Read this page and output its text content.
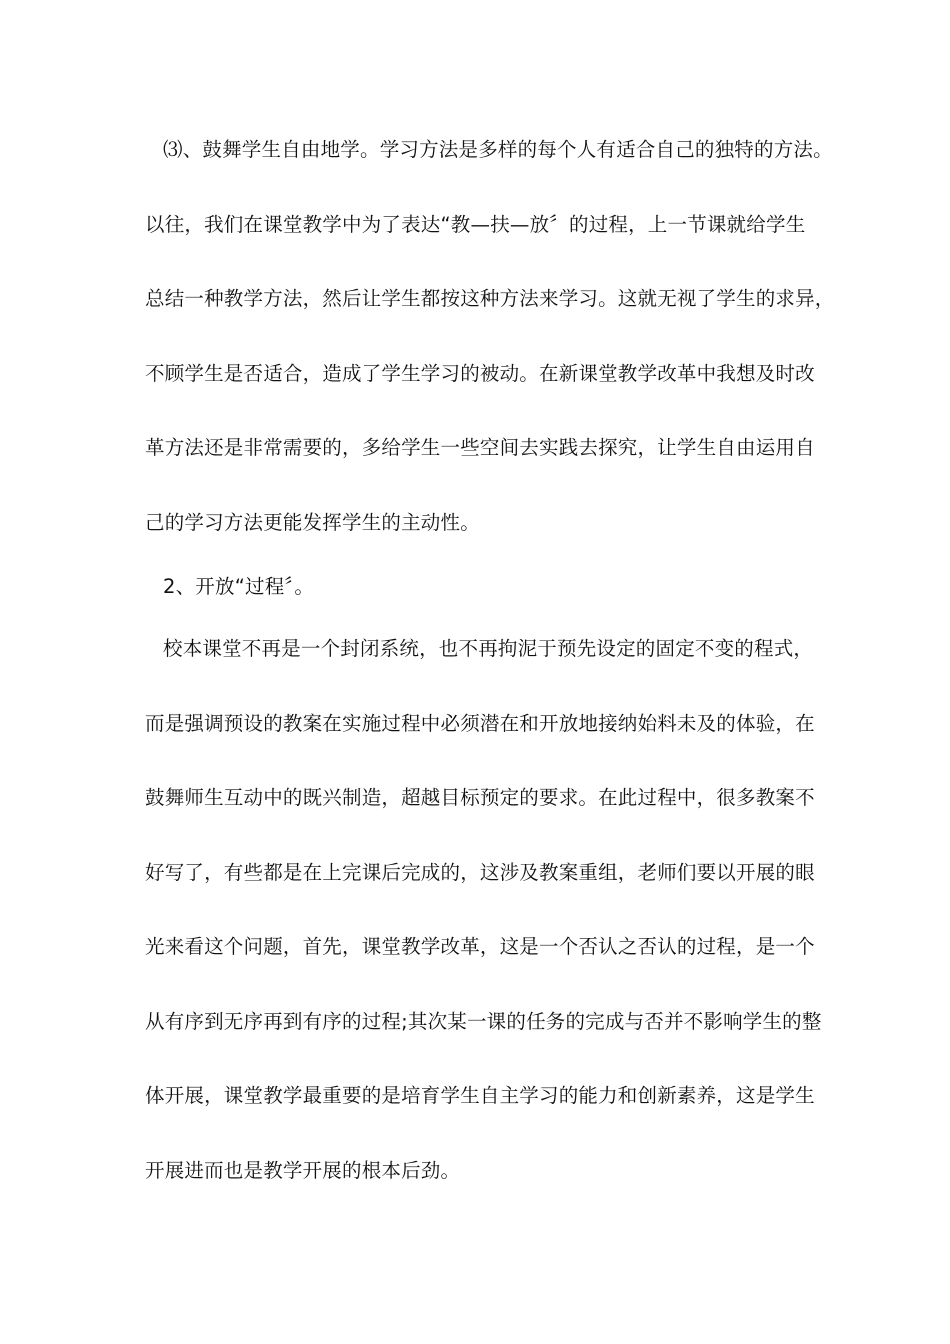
⑶、鼓舞学生自由地学。学习方法是多样的每个人有适合自己的独特的方法。
以往，我们在课堂教学中为了表达“教—扶—放〞的过程，上一节课就给学生
总结一种教学方法，然后让学生都按这种方法来学习。这就无视了学生的求异，
不顾学生是否适合，造成了学生学习的被动。在新课堂教学改革中我想及时改
革方法还是非常需要的，多给学生一些空间去实践去探究，让学生自由运用自
己的学习方法更能发挥学生的主动性。
2、开放“过程〞。
校本课堂不再是一个封闭系统，也不再拘泥于预先设定的固定不变的程式，
而是强调预设的教案在实施过程中必须潜在和开放地接纳始料未及的体验，在
鼓舞师生互动中的既兴制造，超越目标预定的要求。在此过程中，很多教案不
好写了，有些都是在上完课后完成的，这涉及教案重组，老师们要以开展的眼
光来看这个问题，首先，课堂教学改革，这是一个否认之否认的过程，是一个
从有序到无序再到有序的过程;其次某一课的任务的完成与否并不影响学生的整
体开展，课堂教学最重要的是培育学生自主学习的能力和创新素养，这是学生
开展进而也是教学开展的根本后劲。
